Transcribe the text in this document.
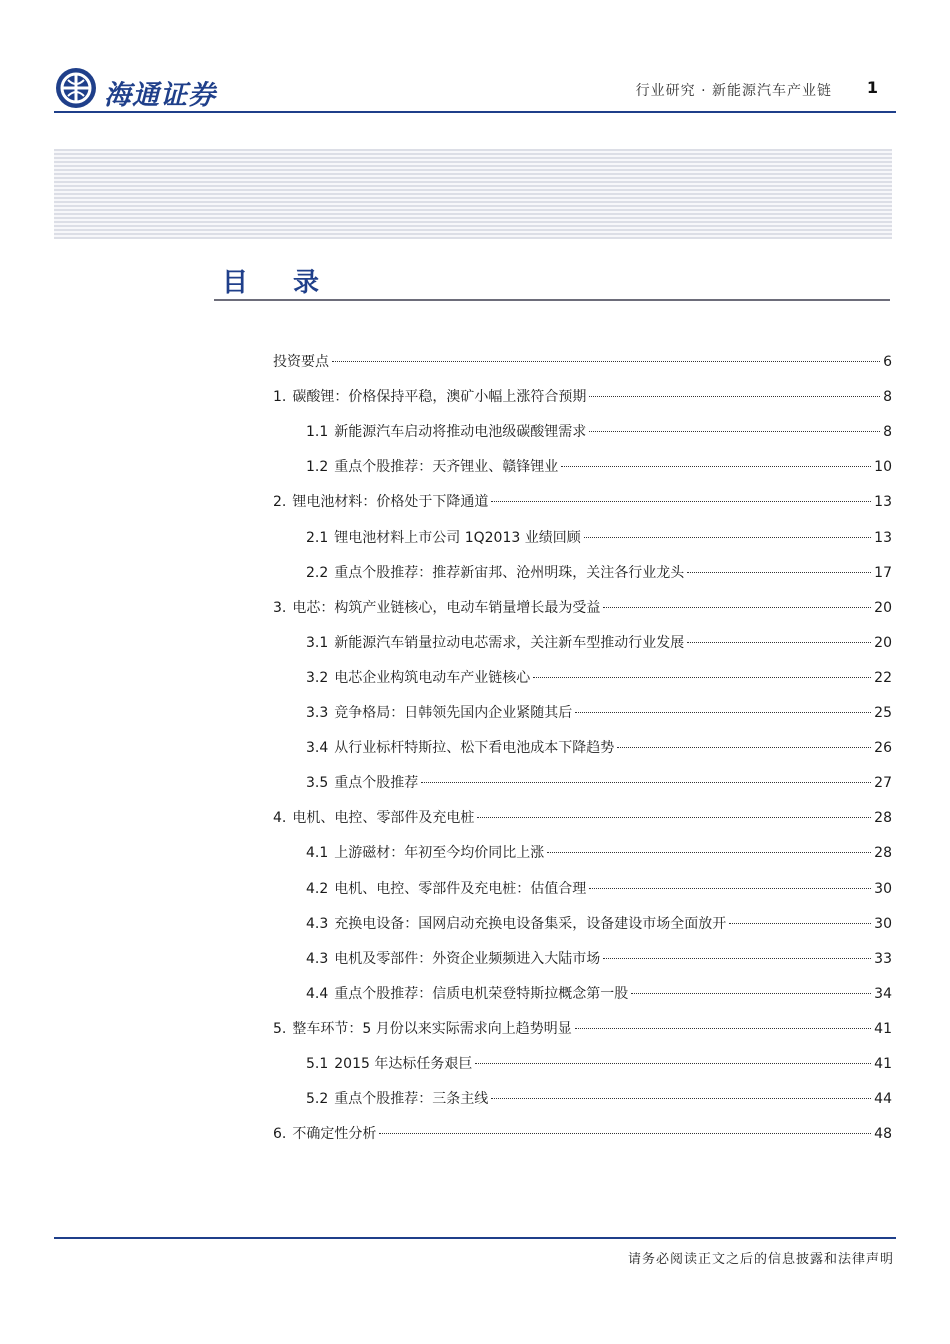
海通证券	行业研究 · 新能源汽车产业链 1
目 录
投资要点	6
1. 碳酸锂：价格保持平稳，澳矿小幅上涨符合预期	8
1.1 新能源汽车启动将推动电池级碳酸锂需求	8
1.2 重点个股推荐：天齐锂业、赣锋锂业	10
2. 锂电池材料：价格处于下降通道	13
2.1 锂电池材料上市公司 1Q2013 业绩回顾	13
2.2 重点个股推荐：推荐新宙邦、沧州明珠，关注各行业龙头	17
3. 电芯：构筑产业链核心，电动车销量增长最为受益	20
3.1 新能源汽车销量拉动电芯需求，关注新车型推动行业发展	20
3.2 电芯企业构筑电动车产业链核心	22
3.3 竞争格局：日韩领先国内企业紧随其后	25
3.4 从行业标杆特斯拉、松下看电池成本下降趋势	26
3.5 重点个股推荐	27
4. 电机、电控、零部件及充电桩	28
4.1 上游磁材：年初至今均价同比上涨	28
4.2 电机、电控、零部件及充电桩：估值合理	30
4.3 充换电设备：国网启动充换电设备集采，设备建设市场全面放开	30
4.3 电机及零部件：外资企业频频进入大陆市场	33
4.4 重点个股推荐：信质电机荣登特斯拉概念第一股	34
5. 整车环节：5 月份以来实际需求向上趋势明显	41
5.1 2015 年达标任务艰巨	41
5.2 重点个股推荐：三条主线	44
6. 不确定性分析	48
请务必阅读正文之后的信息披露和法律声明
